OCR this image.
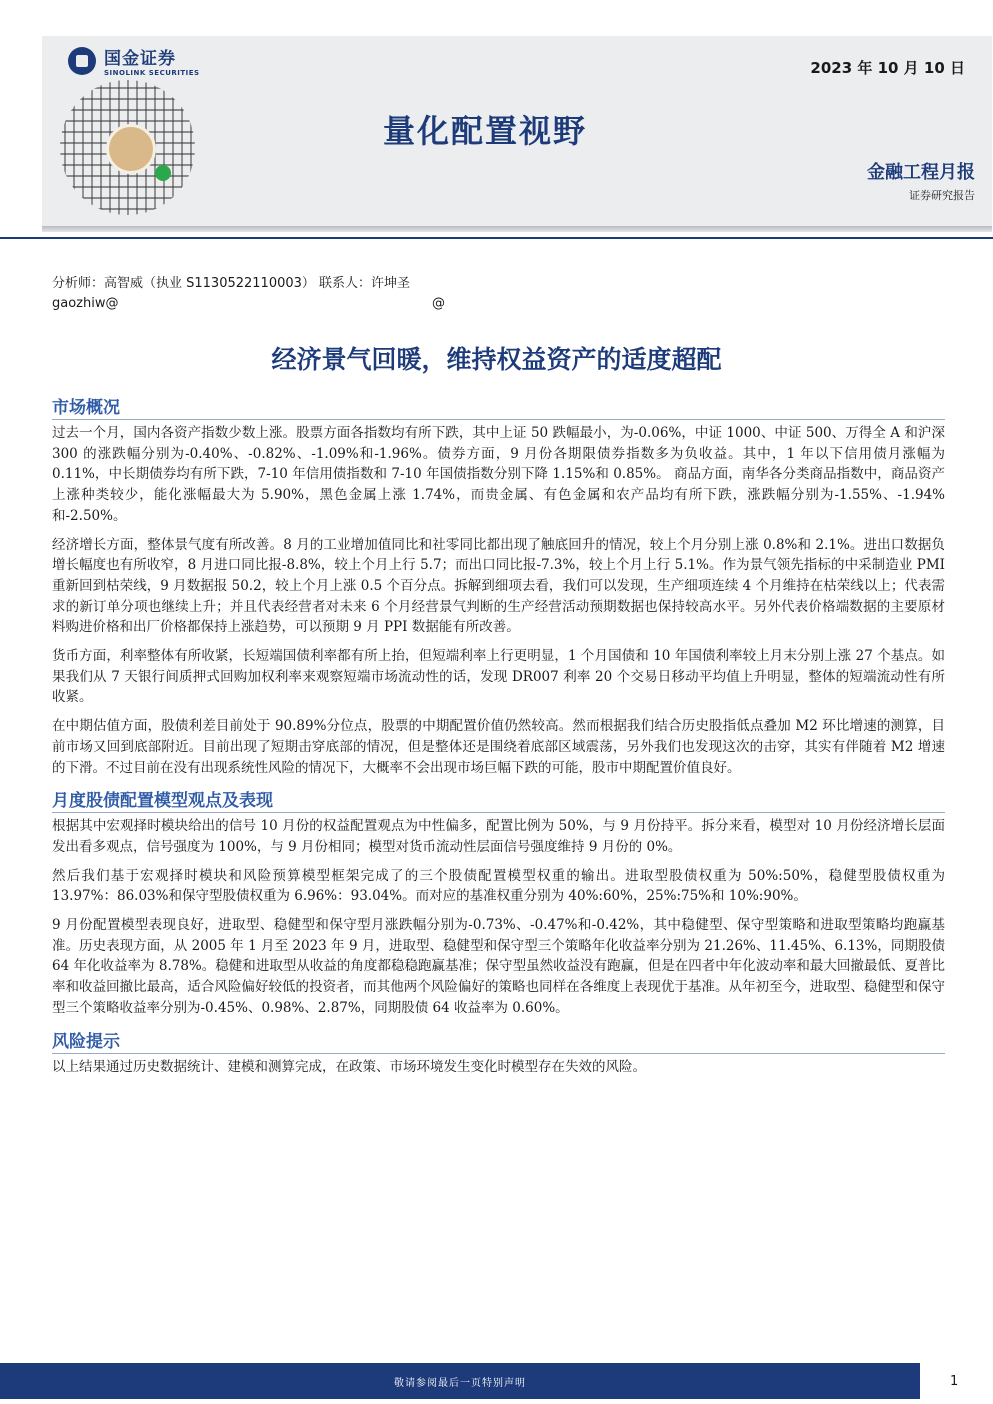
国金证券
SINOLINK SECURITIES	2023 年 10 月 10 日
量化配置视野
金融工程月报
证券研究报告
分析师：高智威（执业 S1130522110003） 联系人：许坤圣
gaozhiw@	@
经济景气回暖，维持权益资产的适度超配
市场概况

过去一个月，国内各资产指数少数上涨。股票方面各指数均有所下跌，其中上证 50 跌幅最小，为-0.06%，中证 1000、中证 500、万得全 A 和沪深 300 的涨跌幅分别为-0.40%、-0.82%、-1.09%和-1.96%。债券方面，9 月份各期限债券指数多为负收益。其中，1 年以下信用债月涨幅为 0.11%，中长期债券均有所下跌，7-10 年信用债指数和 7-10 年国债指数分别下降 1.15%和 0.85%。 商品方面，南华各分类商品指数中，商品资产上涨种类较少，能化涨幅最大为 5.90%，黑色金属上涨 1.74%，而贵金属、有色金属和农产品均有所下跌，涨跌幅分别为-1.55%、-1.94%和-2.50%。

经济增长方面，整体景气度有所改善。8 月的工业增加值同比和社零同比都出现了触底回升的情况，较上个月分别上涨 0.8%和 2.1%。进出口数据负增长幅度也有所收窄，8 月进口同比报-8.8%，较上个月上行 5.7；而出口同比报-7.3%，较上个月上行 5.1%。作为景气领先指标的中采制造业 PMI 重新回到枯荣线，9 月数据报 50.2，较上个月上涨 0.5 个百分点。拆解到细项去看，我们可以发现，生产细项连续 4 个月维持在枯荣线以上；代表需求的新订单分项也继续上升；并且代表经营者对未来 6 个月经营景气判断的生产经营活动预期数据也保持较高水平。另外代表价格端数据的主要原材料购进价格和出厂价格都保持上涨趋势，可以预期 9 月 PPI 数据能有所改善。

货币方面，利率整体有所收紧，长短端国债利率都有所上抬，但短端利率上行更明显，1 个月国债和 10 年国债利率较上月末分别上涨 27 个基点。如果我们从 7 天银行间质押式回购加权利率来观察短端市场流动性的话，发现 DR007 利率 20 个交易日移动平均值上升明显，整体的短端流动性有所收紧。

在中期估值方面，股债利差目前处于 90.89%分位点，股票的中期配置价值仍然较高。然而根据我们结合历史股指低点叠加 M2 环比增速的测算，目前市场又回到底部附近。目前出现了短期击穿底部的情况，但是整体还是围绕着底部区域震荡，另外我们也发现这次的击穿，其实有伴随着 M2 增速的下滑。不过目前在没有出现系统性风险的情况下，大概率不会出现市场巨幅下跌的可能，股市中期配置价值良好。

月度股债配置模型观点及表现

根据其中宏观择时模块给出的信号 10 月份的权益配置观点为中性偏多，配置比例为 50%，与 9 月份持平。拆分来看，模型对 10 月份经济增长层面发出看多观点，信号强度为 100%，与 9 月份相同；模型对货币流动性层面信号强度维持 9 月份的 0%。

然后我们基于宏观择时模块和风险预算模型框架完成了的三个股债配置模型权重的输出。进取型股债权重为 50%:50%，稳健型股债权重为 13.97%：86.03%和保守型股债权重为 6.96%：93.04%。而对应的基准权重分别为 40%:60%，25%:75%和 10%:90%。

9 月份配置模型表现良好，进取型、稳健型和保守型月涨跌幅分别为-0.73%、-0.47%和-0.42%，其中稳健型、保守型策略和进取型策略均跑赢基准。历史表现方面，从 2005 年 1 月至 2023 年 9 月，进取型、稳健型和保守型三个策略年化收益率分别为 21.26%、11.45%、6.13%，同期股债 64 年化收益率为 8.78%。稳健和进取型从收益的角度都稳稳跑赢基准；保守型虽然收益没有跑赢，但是在四者中年化波动率和最大回撤最低、夏普比率和收益回撤比最高，适合风险偏好较低的投资者，而其他两个风险偏好的策略也同样在各维度上表现优于基准。从年初至今，进取型、稳健型和保守型三个策略收益率分别为-0.45%、0.98%、2.87%，同期股债 64 收益率为 0.60%。

风险提示

以上结果通过历史数据统计、建模和测算完成，在政策、市场环境发生变化时模型存在失效的风险。

敬请参阅最后一页特别声明	1
